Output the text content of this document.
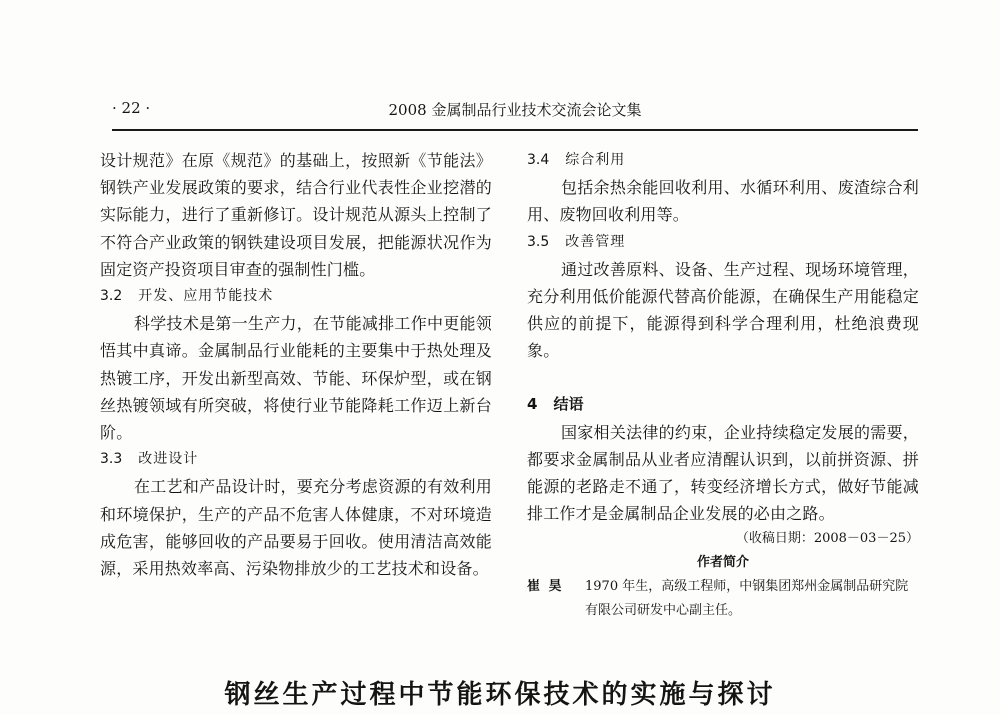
· 22 ·	2008 金属制品行业技术交流会论文集

设计规范》在原《规范》的基础上，按照新《节能法》钢铁产业发展政策的要求，结合行业代表性企业挖潜的实际能力，进行了重新修订。设计规范从源头上控制了不符合产业政策的钢铁建设项目发展，把能源状况作为固定资产投资项目审查的强制性门槛。

3.2 开发、应用节能技术

科学技术是第一生产力，在节能减排工作中更能领悟其中真谛。金属制品行业能耗的主要集中于热处理及热镀工序，开发出新型高效、节能、环保炉型，或在钢丝热镀领域有所突破，将使行业节能降耗工作迈上新台阶。

3.3 改进设计

在工艺和产品设计时，要充分考虑资源的有效利用和环境保护，生产的产品不危害人体健康，不对环境造成危害，能够回收的产品要易于回收。使用清洁高效能源，采用热效率高、污染物排放少的工艺技术和设备。

3.4 综合利用

包括余热余能回收利用、水循环利用、废渣综合利用、废物回收利用等。

3.5 改善管理

通过改善原料、设备、生产过程、现场环境管理，充分利用低价能源代替高价能源，在确保生产用能稳定供应的前提下，能源得到科学合理利用，杜绝浪费现象。

4 结语

国家相关法律的约束，企业持续稳定发展的需要，都要求金属制品从业者应清醒认识到，以前拼资源、拼能源的老路走不通了，转变经济增长方式，做好节能减排工作才是金属制品企业发展的必由之路。

（收稿日期：2008－03－25）

作者简介

崔 昊	1970 年生，高级工程师，中钢集团郑州金属制品研究院有限公司研发中心副主任。
钢丝生产过程中节能环保技术的实施与探讨
